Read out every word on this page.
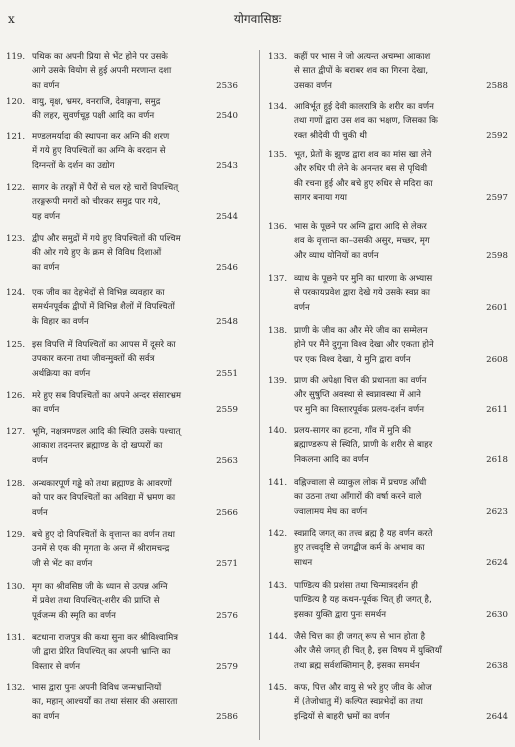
x	योगवासिष्ठः
119. पथिक का अपनी प्रिया से भेंट होने पर उसके
आगे उसके वियोग से हुई अपनी मरणान्त दशा
का वर्णन	2536
120. वायु, वृक्ष, भ्रमर, वनराजि, देवाङ्गना, समुद्र
की लहर, सुवर्णचूड़ पक्षी आदि का वर्णन	2540
121. मण्डलमर्यादा की स्थापना कर अग्नि की शरण
में गये हुए विपश्चितों का अग्नि के वरदान से
दिग्नन्तों के दर्शन का उद्योग	2543
122. सागर के तरङ्गों में पैरों से चल रहे चारों विपश्चित्
तरङ्गरूपी मगरों को चीरकर समुद्र पार गये,
यह वर्णन	2544
123. द्वीप और समुद्रों में गये हुए विपश्चितों की पश्चिम
की ओर गये हुए के क्रम से विविध दिशाओं
का वर्णन	2546
124. एक जीव का देहभेदों से विभिन्न व्यवहार का
समर्थनपूर्वक द्वीपों में विभिन्न शैलों में विपश्चितों
के विहार का वर्णन	2548
125. इस विपत्ति में विपश्चितों का आपस में दूसरे का
उपकार करना तथा जीवन्मुक्तों की सर्वत्र
अर्थक्रिया का वर्णन	2551
126. मरे हुए सब विपश्चितों का अपने अन्दर संसारभ्रम
का वर्णन	2559
127. भूमि, नक्षत्रमण्डल आदि की स्थिति उसके पश्चात्
आकाश तदनन्तर ब्रह्माण्ड के दो खप्परों का
वर्णन	2563
128. अन्धकारपूर्ण गड्ढे को तथा ब्रह्माण्ड के आवरणों
को पार कर विपश्चितों का अविद्या में भ्रमण का
वर्णन	2566
129. बचे हुए दो विपश्चितों के वृत्तान्त का वर्णन तथा
उनमें से एक की मृगता के अन्त में श्रीरामचन्द्र
जी से भेंट का वर्णन	2571
130. मृग का श्रीवसिष्ठ जी के ध्यान से उत्पन्न अग्नि
में प्रवेश तथा विपश्चित्-शरीर की प्राप्ति से
पूर्वजन्म की स्मृति का वर्णन	2576
131. बटधाना राजपुत्र की कथा सुना कर श्रीविश्वामित्र
जी द्वारा प्रेरित विपश्चित् का अपनी भ्रान्ति का
विस्तार से वर्णन	2579
132. भास द्वारा पुनः अपनी विविध जन्मभ्रान्तियों
का, महान् आश्चर्यों का तथा संसार की असारता
का वर्णन	2586
133. कहीं पर भास ने जो अत्यन्त अचम्भा आकाश
से सात द्वीपों के बराबर शव का गिरना देखा,
उसका वर्णन	2588
134. आविर्भूत हुई देवी कालरात्रि के शरीर का वर्णन
तथा गणों द्वारा उस शव का भक्षण, जिसका कि
रक्त श्रीदेवी पी चुकी थी	2592
135. भूत, प्रेतों के झुण्ड द्वारा शव का मांस खा लेने
और रुधिर पी लेने के अनन्तर बस से पृथिवी
की रचना हुई और बचे हुए रुधिर से मदिरा का
सागर बनाया गया	2597
136. भास के पूछने पर अग्नि द्वारा आदि से लेकर
शव के वृत्तान्त का–उसकी असुर, मच्छर, मृग
और व्याध योनियों का वर्णन	2598
137. व्याध के पूछने पर मुनि का धारणा के अभ्यास
से परकायप्रवेश द्वारा देखे गये उसके स्वप्न का
वर्णन	2601
138. प्राणी के जीव का और मेरे जीव का सम्मेलन
होने पर मैंने दुगुना विश्व देखा और एकता होने
पर एक विश्व देखा, ये मुनि द्वारा वर्णन	2608
139. प्राण की अपेक्षा चित्त की प्रधानता का वर्णन
और सुषुप्ति अवस्था से स्वप्नावस्था में आने
पर मुनि का विस्तारपूर्वक प्रलय-दर्शन वर्णन	2611
140. प्रलय-सागर का हटना, गाँव में मुनि की
ब्रह्माण्डरूप से स्थिति, प्राणी के शरीर से बाहर
निकलना आदि का वर्णन	2618
141. वह्निज्वाला से व्याकुल लोक में प्रचण्ड आँधी
का उठना तथा आँगारों की वर्षा करने वाले
ज्वालामय मेघ का वर्णन	2623
142. स्वप्नादि जगत् का तत्त्व ब्रह्म है यह वर्णन करते
हुए तत्त्वदृष्टि से जगद्बीज कर्म के अभाव का
साधन	2624
143. पाण्डित्य की प्रशंसा तथा चिन्मात्रदर्शन ही
पाण्डित्य है यह कथन-पूर्वक चित् ही जगत् है,
इसका युक्ति द्वारा पुनः समर्थन	2630
144. जैसे चित्त का ही जगत् रूप से भान होता है
और जैसे जगत् ही चित् है, इस विषय में युक्तियाँ
तथा ब्रह्म सर्वशक्तिमान् है, इसका समर्थन	2638
145. कफ, पित्त और वायु से भरे हुए जीव के ओज
में (तेजोधातु में) कल्पित स्वप्नभेदों का तथा
इन्द्रियों से बाहरी भ्रमों का वर्णन	2644
